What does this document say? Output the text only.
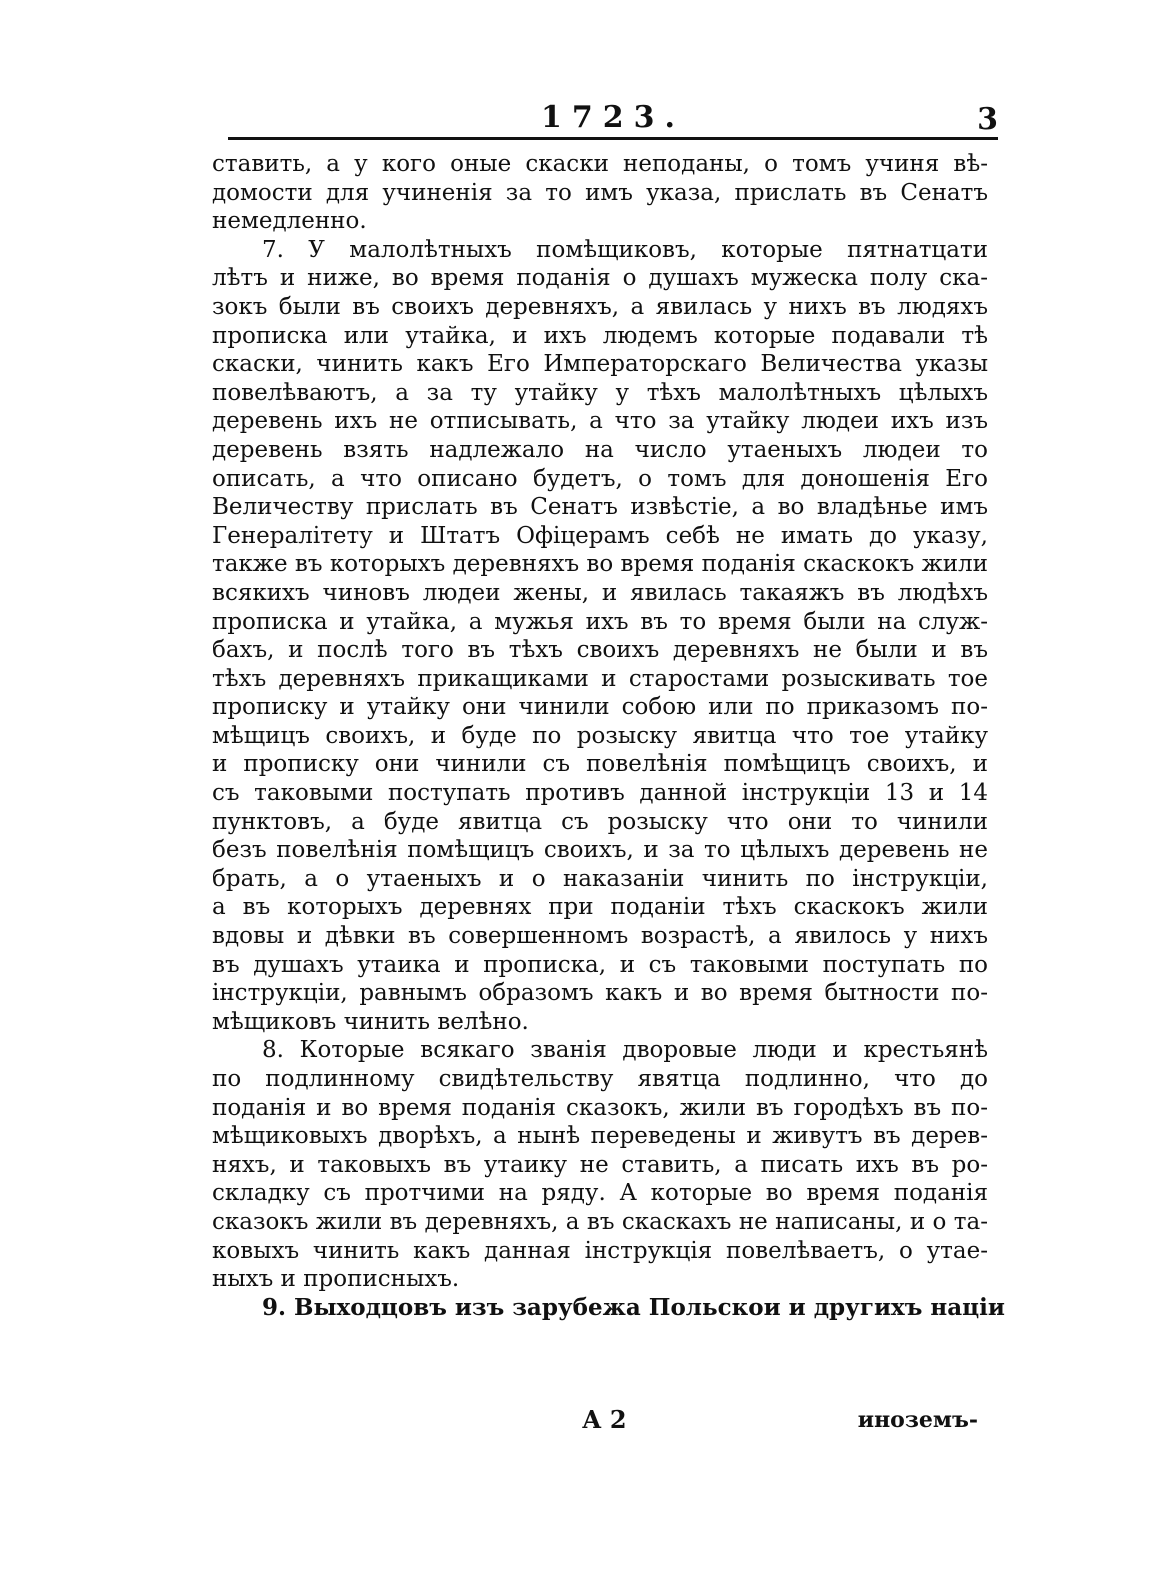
1723.	3
ставить, а у кого оные скаски неподаны, о томъ учиня вѣ-
домости для учиненія за то имъ указа, прислать въ Сенатъ
немедленно.
7. У малолѣтныхъ помѣщиковъ, которые пятнатцати
лѣтъ и ниже, во время поданія о душахъ мужеска полу ска-
зокъ были въ своихъ деревняхъ, а явилась у нихъ въ людяхъ
прописка или утайка, и ихъ людемъ которые подавали тѣ
скаски, чинить какъ Его Императорскаго Величества указы
повелѣваютъ, а за ту утайку у тѣхъ малолѣтныхъ цѣлыхъ
деревень ихъ не отписывать, а что за утайку людеи ихъ изъ
деревень взять надлежало на число утаеныхъ людеи то
описать, а что описано будетъ, о томъ для доношенія Его
Величеству прислать въ Сенатъ извѣстіе, а во владѣнье имъ
Генералітету и Штатъ Офіцерамъ себѣ не имать до указу,
также въ которыхъ деревняхъ во время поданія скаскокъ жили
всякихъ чиновъ людеи жены, и явилась такаяжъ въ людѣхъ
прописка и утайка, а мужья ихъ въ то время были на служ-
бахъ, и послѣ того въ тѣхъ своихъ деревняхъ не были и въ
тѣхъ деревняхъ прикащиками и старостами розыскивать тое
прописку и утайку они чинили собою или по приказомъ по-
мѣщицъ своихъ, и буде по розыску явитца что тое утайку
и прописку они чинили съ повелѣнія помѣщицъ своихъ, и
съ таковыми поступать противъ данной інструкціи 13 и 14
пунктовъ, а буде явитца съ розыску что они то чинили
безъ повелѣнія помѣщицъ своихъ, и за то цѣлыхъ деревень не
брать, а о утаеныхъ и о наказаніи чинить по інструкціи,
а въ которыхъ деревнях при поданіи тѣхъ скаскокъ жили
вдовы и дѣвки въ совершенномъ возрастѣ, а явилось у нихъ
въ душахъ утаика и прописка, и съ таковыми поступать по
інструкціи, равнымъ образомъ какъ и во время бытности по-
мѣщиковъ чинить велѣно.
8. Которые всякаго званія дворовые люди и крестьянѣ
по подлинному свидѣтельству явятца подлинно, что до
поданія и во время поданія сказокъ, жили въ городѣхъ въ по-
мѣщиковыхъ дворѣхъ, а нынѣ переведены и живутъ въ дерев-
няхъ, и таковыхъ въ утаику не ставить, а писать ихъ въ ро-
складку съ протчими на ряду. А которые во время поданія
сказокъ жили въ деревняхъ, а въ скаскахъ не написаны, и о та-
ковыхъ чинить какъ данная інструкція повелѣваетъ, о утае-
ныхъ и прописныхъ.
9. Выходцовъ изъ зарубежа Польскои и другихъ націи
А 2	иноземъ-
